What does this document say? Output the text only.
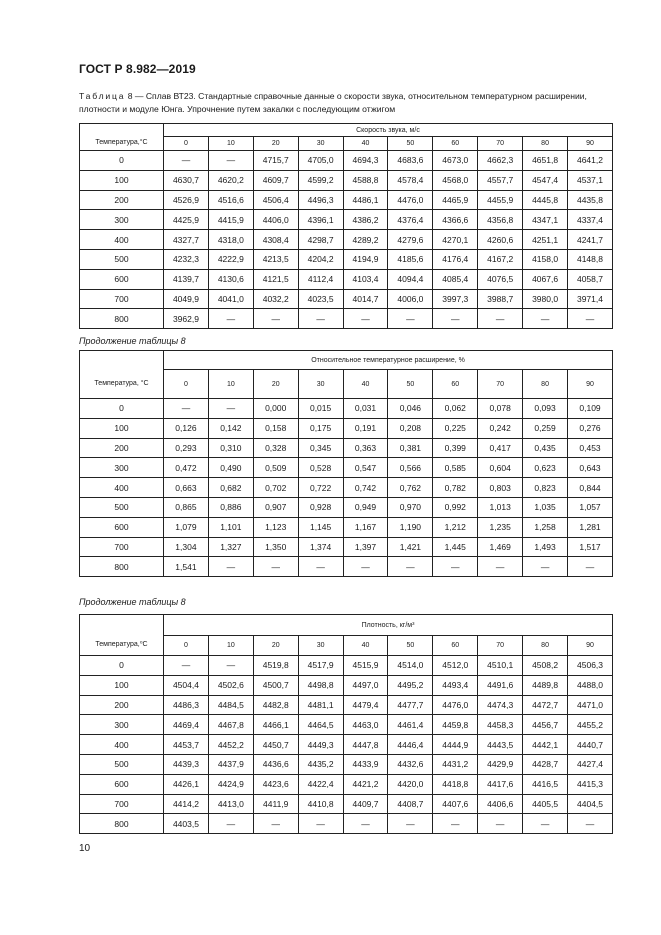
ГОСТ Р 8.982—2019
Таблица 8 — Сплав ВТ23. Стандартные справочные данные о скорости звука, относительном температурном расширении, плотности и модуле Юнга. Упрочнение путем закалки с последующим отжигом
	Скорость звука, м/с									
Температура,°С	0	10	20	30	40	50	60	70	80	90
0	—	—	4715,7	4705,0	4694,3	4683,6	4673,0	4662,3	4651,8	4641,2
100	4630,7	4620,2	4609,7	4599,2	4588,8	4578,4	4568,0	4557,7	4547,4	4537,1
200	4526,9	4516,6	4506,4	4496,3	4486,1	4476,0	4465,9	4455,9	4445,8	4435,8
300	4425,9	4415,9	4406,0	4396,1	4386,2	4376,4	4366,6	4356,8	4347,1	4337,4
400	4327,7	4318,0	4308,4	4298,7	4289,2	4279,6	4270,1	4260,6	4251,1	4241,7
500	4232,3	4222,9	4213,5	4204,2	4194,9	4185,6	4176,4	4167,2	4158,0	4148,8
600	4139,7	4130,6	4121,5	4112,4	4103,4	4094,4	4085,4	4076,5	4067,6	4058,7
700	4049,9	4041,0	4032,2	4023,5	4014,7	4006,0	3997,3	3988,7	3980,0	3971,4
800	3962,9	—	—	—	—	—	—	—	—	—
Продолжение таблицы 8
	Относительное температурное расширение, %									
Температура, °С	0	10	20	30	40	50	60	70	80	90
0	—	—	0,000	0,015	0,031	0,046	0,062	0,078	0,093	0,109
100	0,126	0,142	0,158	0,175	0,191	0,208	0,225	0,242	0,259	0,276
200	0,293	0,310	0,328	0,345	0,363	0,381	0,399	0,417	0,435	0,453
300	0,472	0,490	0,509	0,528	0,547	0,566	0,585	0,604	0,623	0,643
400	0,663	0,682	0,702	0,722	0,742	0,762	0,782	0,803	0,823	0,844
500	0,865	0,886	0,907	0,928	0,949	0,970	0,992	1,013	1,035	1,057
600	1,079	1,101	1,123	1,145	1,167	1,190	1,212	1,235	1,258	1,281
700	1,304	1,327	1,350	1,374	1,397	1,421	1,445	1,469	1,493	1,517
800	1,541	—	—	—	—	—	—	—	—	—
Продолжение таблицы 8
	Плотность, кг/м³									
Температура,⁰С	0	10	20	30	40	50	60	70	80	90
0	—	—	4519,8	4517,9	4515,9	4514,0	4512,0	4510,1	4508,2	4506,3
100	4504,4	4502,6	4500,7	4498,8	4497,0	4495,2	4493,4	4491,6	4489,8	4488,0
200	4486,3	4484,5	4482,8	4481,1	4479,4	4477,7	4476,0	4474,3	4472,7	4471,0
300	4469,4	4467,8	4466,1	4464,5	4463,0	4461,4	4459,8	4458,3	4456,7	4455,2
400	4453,7	4452,2	4450,7	4449,3	4447,8	4446,4	4444,9	4443,5	4442,1	4440,7
500	4439,3	4437,9	4436,6	4435,2	4433,9	4432,6	4431,2	4429,9	4428,7	4427,4
600	4426,1	4424,9	4423,6	4422,4	4421,2	4420,0	4418,8	4417,6	4416,5	4415,3
700	4414,2	4413,0	4411,9	4410,8	4409,7	4408,7	4407,6	4406,6	4405,5	4404,5
800	4403,5	—	—	—	—	—	—	—	—	—
10
